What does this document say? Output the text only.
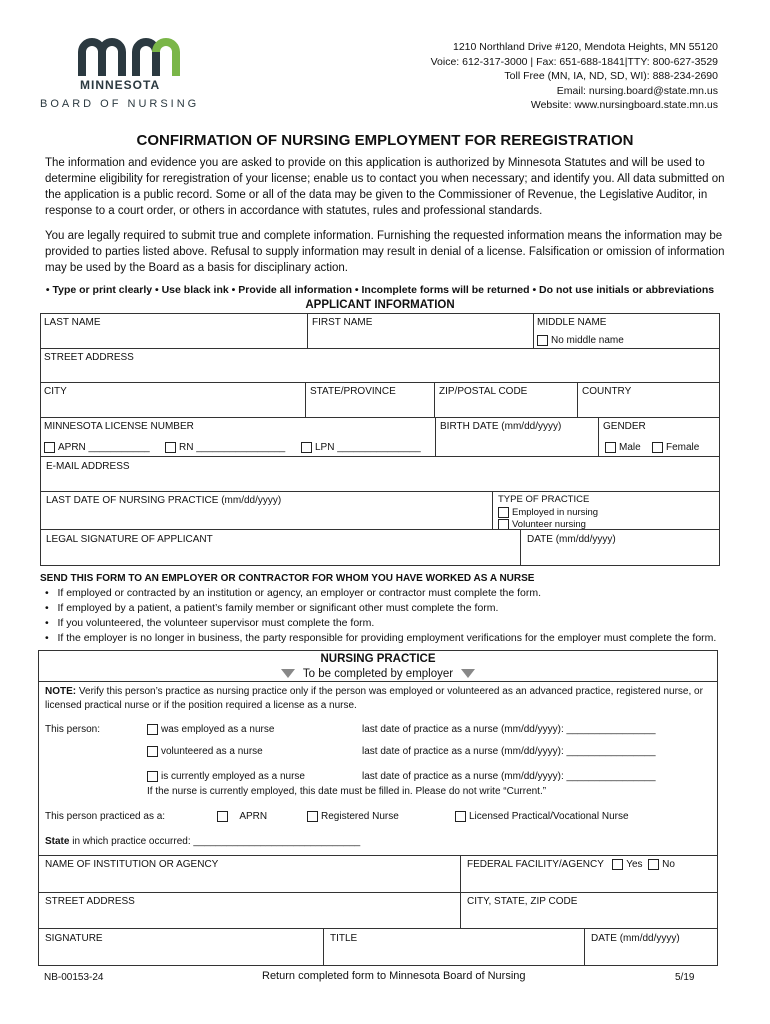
MINNESOTA
BOARD OF NURSING
1210 Northland Drive #120, Mendota Heights, MN 55120
Voice: 612-317-3000 | Fax: 651-688-1841|TTY: 800-627-3529
Toll Free (MN, IA, ND, SD, WI): 888-234-2690
Email: nursing.board@state.mn.us
Website: www.nursingboard.state.mn.us
CONFIRMATION OF NURSING EMPLOYMENT FOR REREGISTRATION
The information and evidence you are asked to provide on this application is authorized by Minnesota Statutes and will be used to determine eligibility for reregistration of your license; enable us to contact you when necessary; and identify you. All data submitted on the application is a public record. Some or all of the data may be given to the Commissioner of Revenue, the Legislative Auditor, in response to a court order, or others in accordance with statutes, rules and professional standards.
You are legally required to submit true and complete information. Furnishing the requested information means the information may be provided to parties listed above. Refusal to supply information may result in denial of a license. Falsification or omission of information may be used by the Board as a basis for disciplinary action.
• Type or print clearly • Use black ink • Provide all information • Incomplete forms will be returned • Do not use initials or abbreviations
APPLICANT INFORMATION
LAST NAME	FIRST NAME	MIDDLE NAME
No middle name
STREET ADDRESS
CITY	STATE/PROVINCE	ZIP/POSTAL CODE	COUNTRY
MINNESOTA LICENSE NUMBER
APRN ___________	RN ________________	LPN _______________
BIRTH DATE (mm/dd/yyyy)	GENDER
Male	Female
E-MAIL ADDRESS
LAST DATE OF NURSING PRACTICE (mm/dd/yyyy)	TYPE OF PRACTICE
Employed in nursing
Volunteer nursing
LEGAL SIGNATURE OF APPLICANT	DATE (mm/dd/yyyy)
SEND THIS FORM TO AN EMPLOYER OR CONTRACTOR FOR WHOM YOU HAVE WORKED AS A NURSE
•   If employed or contracted by an institution or agency, an employer or contractor must complete the form.
•   If employed by a patient, a patient’s family member or significant other must complete the form.
•   If you volunteered, the volunteer supervisor must complete the form.
•   If the employer is no longer in business, the party responsible for providing employment verifications for the employer must complete the form.
NURSING PRACTICE
To be completed by employer
NOTE: Verify this person’s practice as nursing practice only if the person was employed or volunteered as an advanced practice, registered nurse, or licensed practical nurse or if the position required a license as a nurse.
This person:	was employed as a nurse	last date of practice as a nurse (mm/dd/yyyy): ________________
volunteered as a nurse	last date of practice as a nurse (mm/dd/yyyy): ________________
is currently employed as a nurse	last date of practice as a nurse (mm/dd/yyyy): ________________
If the nurse is currently employed, this date must be filled in. Please do not write “Current.”
This person practiced as a:	APRN	Registered Nurse	Licensed Practical/Vocational Nurse
State in which practice occurred: ______________________________
NAME OF INSTITUTION OR AGENCY	FEDERAL FACILITY/AGENCY Yes No
STREET ADDRESS	CITY, STATE, ZIP CODE
SIGNATURE	TITLE	DATE (mm/dd/yyyy)
NB-00153-24	Return completed form to Minnesota Board of Nursing	5/19
